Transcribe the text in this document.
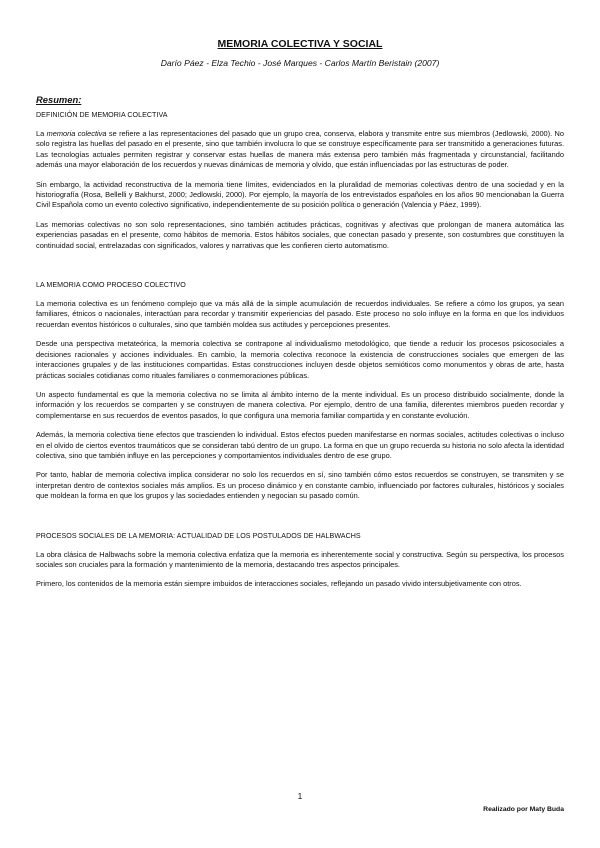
MEMORIA COLECTIVA Y SOCIAL
Darío Páez - Elza Techio - José Marques - Carlos Martín Beristain (2007)
Resumen:
DEFINICIÓN DE MEMORIA COLECTIVA

La memoria colectiva se refiere a las representaciones del pasado que un grupo crea, conserva, elabora y transmite entre sus miembros (Jedlowski, 2000). No solo registra las huellas del pasado en el presente, sino que también involucra lo que se construye específicamente para ser transmitido a generaciones futuras. Las tecnologías actuales permiten registrar y conservar estas huellas de manera más extensa pero también más fragmentada y circunstancial, facilitando además una mayor elaboración de los recuerdos y nuevas dinámicas de memoria y olvido, que están influenciadas por las estructuras de poder.

Sin embargo, la actividad reconstructiva de la memoria tiene límites, evidenciados en la pluralidad de memorias colectivas dentro de una sociedad y en la historiografía (Rosa, Bellelli y Bakhurst, 2000; Jedlowski, 2000). Por ejemplo, la mayoría de los entrevistados españoles en los años 90 mencionaban la Guerra Civil Española como un evento colectivo significativo, independientemente de su posición política o generación (Valencia y Páez, 1999).

Las memorias colectivas no son solo representaciones, sino también actitudes prácticas, cognitivas y afectivas que prolongan de manera automática las experiencias pasadas en el presente, como hábitos de memoria. Estos hábitos sociales, que conectan pasado y presente, son costumbres que constituyen la continuidad social, entrelazadas con significados, valores y narrativas que les confieren cierto automatismo.

LA MEMORIA COMO PROCESO COLECTIVO

La memoria colectiva es un fenómeno complejo que va más allá de la simple acumulación de recuerdos individuales. Se refiere a cómo los grupos, ya sean familiares, étnicos o nacionales, interactúan para recordar y transmitir experiencias del pasado. Este proceso no solo influye en la forma en que los individuos recuerdan eventos históricos o culturales, sino que también moldea sus actitudes y percepciones presentes.

Desde una perspectiva metateórica, la memoria colectiva se contrapone al individualismo metodológico, que tiende a reducir los procesos psicosociales a decisiones racionales y acciones individuales. En cambio, la memoria colectiva reconoce la existencia de construcciones sociales que emergen de las interacciones grupales y de las instituciones compartidas. Estas construcciones incluyen desde objetos semióticos como monumentos y obras de arte, hasta prácticas sociales cotidianas como rituales familiares o conmemoraciones públicas.

Un aspecto fundamental es que la memoria colectiva no se limita al ámbito interno de la mente individual. Es un proceso distribuido socialmente, donde la información y los recuerdos se comparten y se construyen de manera colectiva. Por ejemplo, dentro de una familia, diferentes miembros pueden recordar y complementarse en sus recuerdos de eventos pasados, lo que configura una memoria familiar compartida y en constante evolución.

Además, la memoria colectiva tiene efectos que trascienden lo individual. Estos efectos pueden manifestarse en normas sociales, actitudes colectivas o incluso en el olvido de ciertos eventos traumáticos que se consideran tabú dentro de un grupo. La forma en que un grupo recuerda su historia no solo afecta la identidad colectiva, sino que también influye en las percepciones y comportamientos individuales dentro de ese grupo.

Por tanto, hablar de memoria colectiva implica considerar no solo los recuerdos en sí, sino también cómo estos recuerdos se construyen, se transmiten y se interpretan dentro de contextos sociales más amplios. Es un proceso dinámico y en constante cambio, influenciado por factores culturales, históricos y sociales que moldean la forma en que los grupos y las sociedades entienden y negocian su pasado común.

PROCESOS SOCIALES DE LA MEMORIA: ACTUALIDAD DE LOS POSTULADOS DE HALBWACHS

La obra clásica de Halbwachs sobre la memoria colectiva enfatiza que la memoria es inherentemente social y constructiva. Según su perspectiva, los procesos sociales son cruciales para la formación y mantenimiento de la memoria, destacando tres aspectos principales.

Primero, los contenidos de la memoria están siempre imbuidos de interacciones sociales, reflejando un pasado vivido intersubjetivamente con otros.

1
Realizado por Maty Buda
